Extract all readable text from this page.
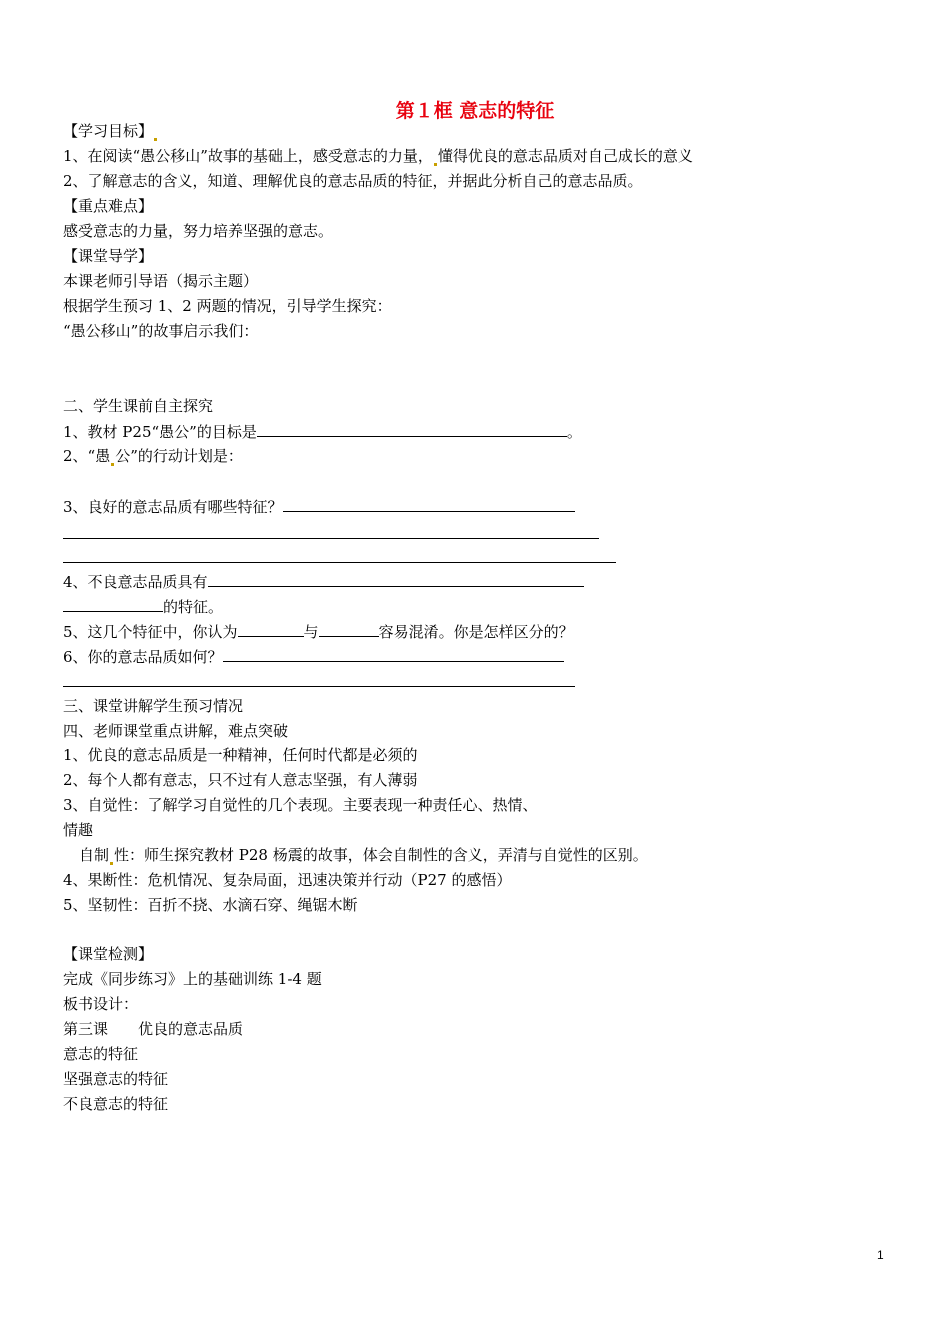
第１框 意志的特征
【学习目标】
1、在阅读“愚公移山”故事的基础上，感受意志的力量， 懂得优良的意志品质对自己成长的意义
2、了解意志的含义，知道、理解优良的意志品质的特征，并据此分析自己的意志品质。
【重点难点】
感受意志的力量，努力培养坚强的意志。
【课堂导学】
本课老师引导语（揭示主题）
根据学生预习 1、2 两题的情况，引导学生探究：
“愚公移山”的故事启示我们：
二、学生课前自主探究
1、教材 P25“愚公”的目标是	。
2、“愚 公”的行动计划是：
3、良好的意志品质有哪些特征？
4、不良意志品质具有
的特征。
5、这几个特征中，你认为	与	容易混淆。你是怎样区分的？
6、你的意志品质如何？
三、课堂讲解学生预习情况
四、老师课堂重点讲解，难点突破
1、优良的意志品质是一种精神，任何时代都是必须的
2、每个人都有意志，只不过有人意志坚强，有人薄弱
3、自觉性：了解学习自觉性的几个表现。主要表现一种责任心、热情、
情趣
自制 性：师生探究教材 P28 杨震的故事，体会自制性的含义，弄清与自觉性的区别。
4、果断性：危机情况、复杂局面，迅速决策并行动（P27 的感悟）
5、坚韧性：百折不挠、水滴石穿、绳锯木断
【课堂检测】
完成《同步练习》上的基础训练 1-4 题
板书设计：
第三课　　优良的意志品质
意志的特征
坚强意志的特征
不良意志的特征
1
